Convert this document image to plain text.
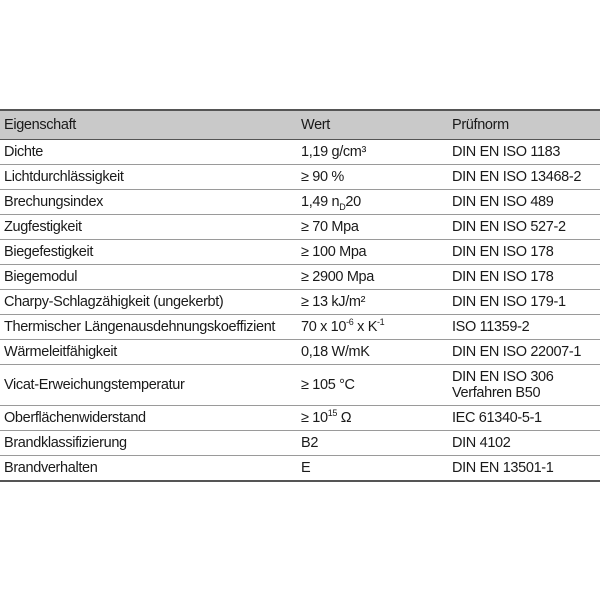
Eigenschaft	Wert	Prüfnorm
Dichte	1,19 g/cm³	DIN EN ISO 1183
Lichtdurchlässigkeit	≥ 90 %	DIN EN ISO 13468-2
Brechungsindex	1,49 $n_D20$	DIN EN ISO 489
Zugfestigkeit	≥ 70 Mpa	DIN EN ISO 527-2
Biegefestigkeit	≥ 100 Mpa	DIN EN ISO 178
Biegemodul	≥ 2900 Mpa	DIN EN ISO 178
Charpy-Schlagzähigkeit (ungekerbt)	≥ 13 kJ/m²	DIN EN ISO 179-1
Thermischer Längenausdehnungskoeffizient	70 x $10^{-6}$ x $K^{-1}$	ISO 11359-2
Wärmeleitfähigkeit	0,18 W/mK	DIN EN ISO 22007-1
Vicat-Erweichungstemperatur	≥ 105 °C	DIN EN ISO 306
Verfahren B50

Oberflächenwiderstand	≥ $10^{15}$ Ω	IEC 61340-5-1
Brandklassifizierung	B2	DIN 4102
Brandverhalten	E	DIN EN 13501-1
